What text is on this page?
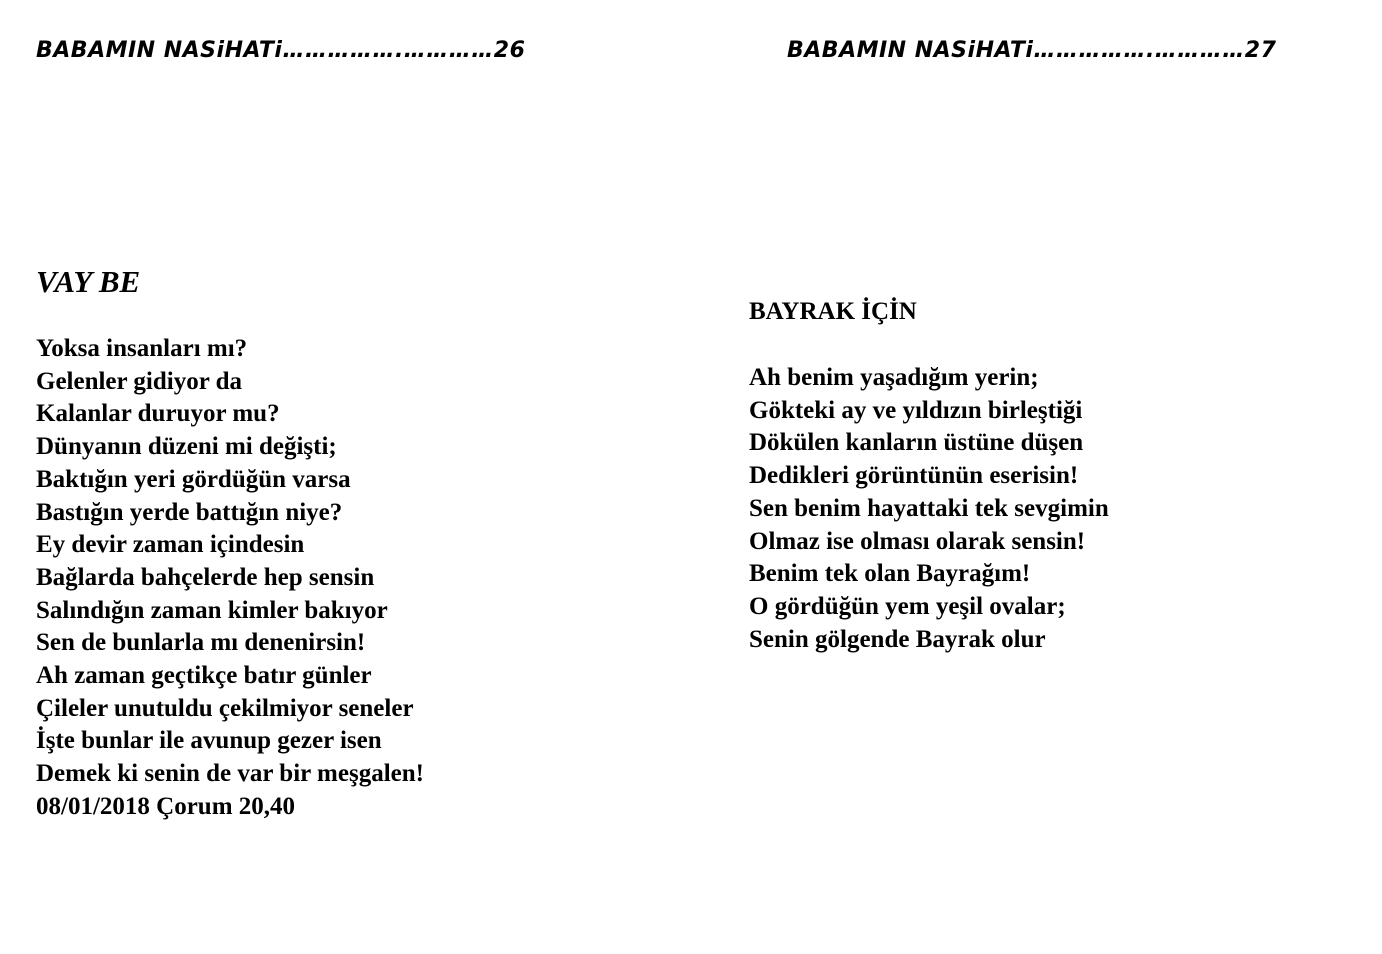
BABAMIN NASiHATi…………….…………26
VAY BE
Yoksa insanları mı?
Gelenler gidiyor da
Kalanlar duruyor mu?
Dünyanın düzeni mi değişti;
Baktığın yeri gördüğün varsa
Bastığın yerde battığın niye?
Ey devir zaman içindesin
Bağlarda bahçelerde hep sensin
Salındığın zaman kimler bakıyor
Sen de bunlarla mı denenirsin!
Ah zaman geçtikçe batır günler
Çileler unutuldu çekilmiyor seneler
İşte bunlar ile avunup gezer isen
Demek ki senin de var bir meşgalen!
08/01/2018 Çorum 20,40
BABAMIN NASiHATi…………….…………27
BAYRAK İÇİN
Ah benim yaşadığım yerin;
Gökteki ay ve yıldızın birleştiği
Dökülen kanların üstüne düşen
Dedikleri görüntünün eserisin!
Sen benim hayattaki tek sevgimin
Olmaz ise olması olarak sensin!
Benim tek olan Bayrağım!
O gördüğün yem yeşil ovalar;
Senin gölgende Bayrak olur
